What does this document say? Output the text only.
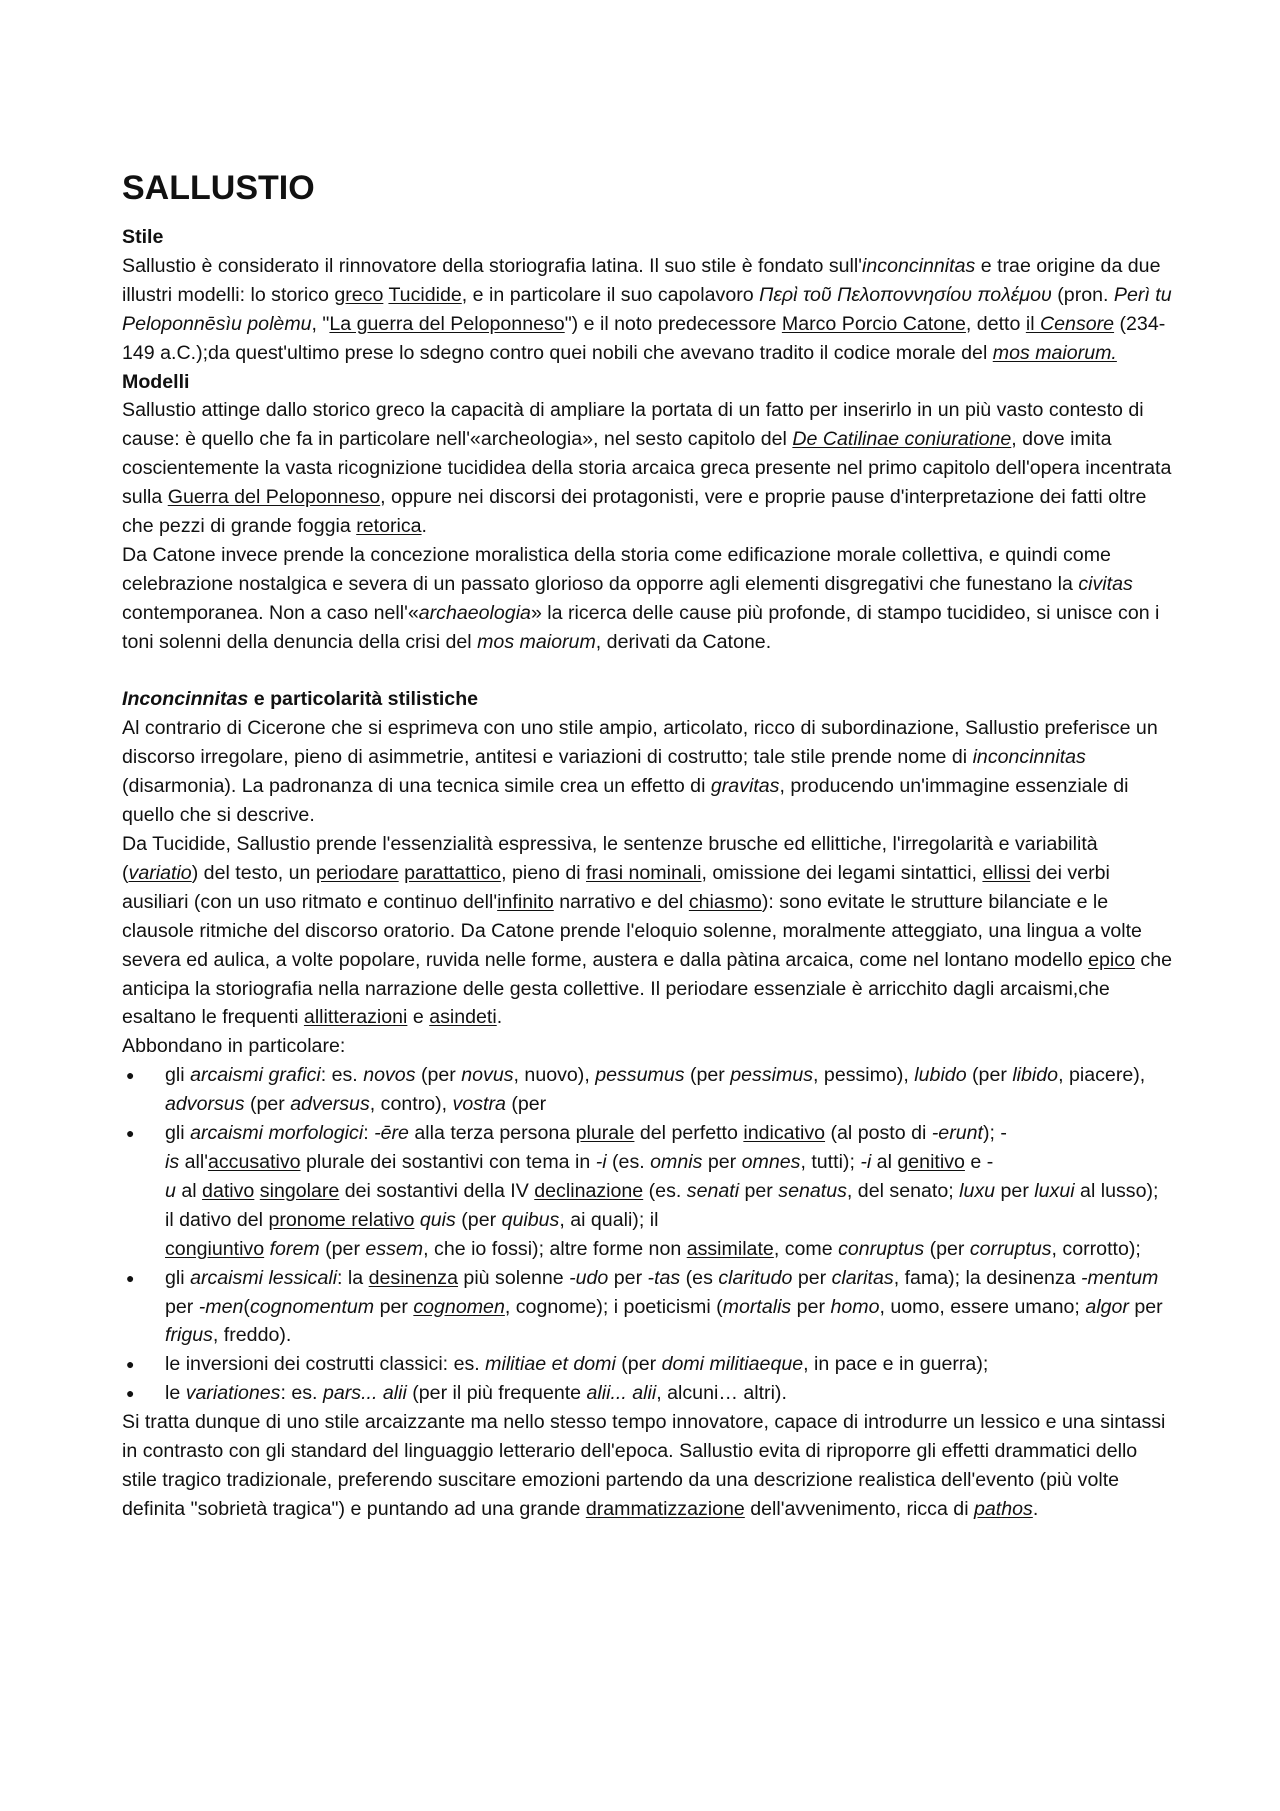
SALLUSTIO
Stile

Sallustio è considerato il rinnovatore della storiografia latina. Il suo stile è fondato sull'inconcinnitas e trae origine da due illustri modelli: lo storico greco Tucidide, e in particolare il suo capolavoro Περὶ τοῦ Πελοποννησίου πολέμου (pron. Perì tu Peloponnēsìu polèmu, "La guerra del Peloponneso") e il noto predecessore Marco Porcio Catone, detto il Censore (234-149 a.C.);da quest'ultimo prese lo sdegno contro quei nobili che avevano tradito il codice morale del mos maiorum.

Modelli

Sallustio attinge dallo storico greco la capacità di ampliare la portata di un fatto per inserirlo in un più vasto contesto di cause: è quello che fa in particolare nell'«archeologia», nel sesto capitolo del De Catilinae coniuratione, dove imita coscientemente la vasta ricognizione tucididea della storia arcaica greca presente nel primo capitolo dell'opera incentrata sulla Guerra del Peloponneso, oppure nei discorsi dei protagonisti, vere e proprie pause d'interpretazione dei fatti oltre che pezzi di grande foggia retorica.

Da Catone invece prende la concezione moralistica della storia come edificazione morale collettiva, e quindi come celebrazione nostalgica e severa di un passato glorioso da opporre agli elementi disgregativi che funestano la civitas contemporanea. Non a caso nell'«archaeologia» la ricerca delle cause più profonde, di stampo tucidideo, si unisce con i toni solenni della denuncia della crisi del mos maiorum, derivati da Catone.

Inconcinnitas e particolarità stilistiche

Al contrario di Cicerone che si esprimeva con uno stile ampio, articolato, ricco di subordinazione, Sallustio preferisce un discorso irregolare, pieno di asimmetrie, antitesi e variazioni di costrutto; tale stile prende nome di inconcinnitas (disarmonia). La padronanza di una tecnica simile crea un effetto di gravitas, producendo un'immagine essenziale di quello che si descrive.

Da Tucidide, Sallustio prende l'essenzialità espressiva, le sentenze brusche ed ellittiche, l'irregolarità e variabilità (variatio) del testo, un periodare parattattico, pieno di frasi nominali, omissione dei legami sintattici, ellissi dei verbi ausiliari (con un uso ritmato e continuo dell'infinito narrativo e del chiasmo): sono evitate le strutture bilanciate e le clausole ritmiche del discorso oratorio. Da Catone prende l'eloquio solenne, moralmente atteggiato, una lingua a volte severa ed aulica, a volte popolare, ruvida nelle forme, austera e dalla pàtina arcaica, come nel lontano modello epico che anticipa la storiografia nella narrazione delle gesta collettive. Il periodare essenziale è arricchito dagli arcaismi,che esaltano le frequenti allitterazioni e asindeti.

Abbondano in particolare:

● gli arcaismi grafici: es. novos (per novus, nuovo), pessumus (per pessimus, pessimo), lubido (per libido, piacere), advorsus (per adversus, contro), vostra (per
● gli arcaismi morfologici: -ēre alla terza persona plurale del perfetto indicativo (al posto di -erunt); -
is all'accusativo plurale dei sostantivi con tema in -i (es. omnis per omnes, tutti); -i al genitivo e -
u al dativo singolare dei sostantivi della IV declinazione (es. senati per senatus, del senato; luxu per luxui al lusso); il dativo del pronome relativo quis (per quibus, ai quali); il
congiuntivo forem (per essem, che io fossi); altre forme non assimilate, come conruptus (per corruptus, corrotto);
● gli arcaismi lessicali: la desinenza più solenne -udo per -tas (es claritudo per claritas, fama); la desinenza -mentum per -men(cognomentum per cognomen, cognome); i poeticismi (mortalis per homo, uomo, essere umano; algor per frigus, freddo).
● le inversioni dei costrutti classici: es. militiae et domi (per domi militiaeque, in pace e in guerra);
● le variationes: es. pars... alii (per il più frequente alii... alii, alcuni… altri).

Si tratta dunque di uno stile arcaizzante ma nello stesso tempo innovatore, capace di introdurre un lessico e una sintassi in contrasto con gli standard del linguaggio letterario dell'epoca. Sallustio evita di riproporre gli effetti drammatici dello stile tragico tradizionale, preferendo suscitare emozioni partendo da una descrizione realistica dell'evento (più volte definita "sobrietà tragica") e puntando ad una grande drammatizzazione dell'avvenimento, ricca di pathos.
